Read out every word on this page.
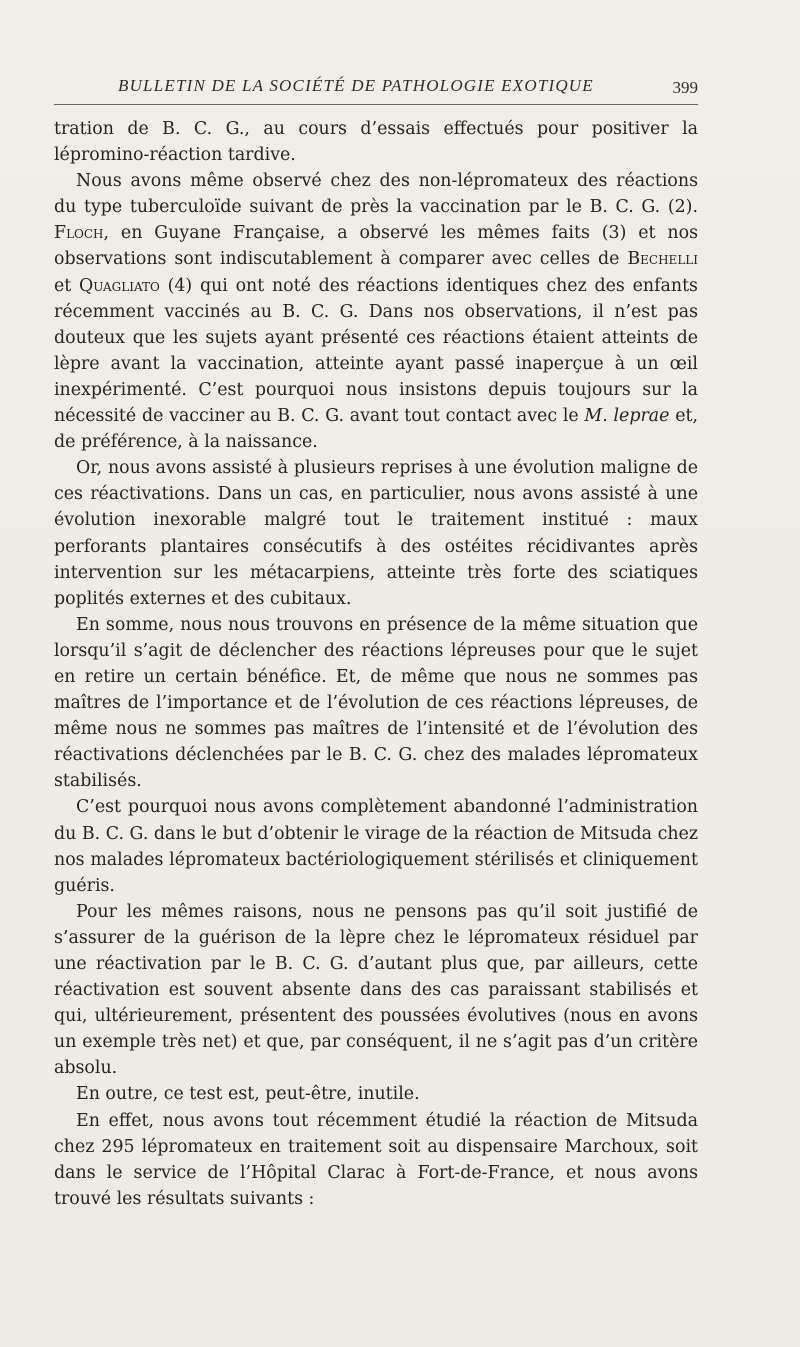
BULLETIN DE LA SOCIÉTÉ DE PATHOLOGIE EXOTIQUE	399

tration de B. C. G., au cours d’essais effectués pour positiver la lépromino-réaction tardive.

Nous avons même observé chez des non-lépromateux des réactions du type tuberculoïde suivant de près la vaccination par le B. C. G. (2). Floch, en Guyane Française, a observé les mêmes faits (3) et nos observations sont indiscutablement à comparer avec celles de Bechelli et Quagliato (4) qui ont noté des réactions identiques chez des enfants récemment vaccinés au B. C. G. Dans nos observations, il n’est pas douteux que les sujets ayant présenté ces réactions étaient atteints de lèpre avant la vaccination, atteinte ayant passé inaperçue à un œil inexpérimenté. C’est pourquoi nous insistons depuis toujours sur la nécessité de vacciner au B. C. G. avant tout contact avec le M. leprae et, de préférence, à la naissance.

Or, nous avons assisté à plusieurs reprises à une évolution maligne de ces réactivations. Dans un cas, en particulier, nous avons assisté à une évolution inexorable malgré tout le traitement institué : maux perforants plantaires consécutifs à des ostéites récidivantes après intervention sur les métacarpiens, atteinte très forte des sciatiques poplités externes et des cubitaux.

En somme, nous nous trouvons en présence de la même situation que lorsqu’il s’agit de déclencher des réactions lépreuses pour que le sujet en retire un certain bénéfice. Et, de même que nous ne sommes pas maîtres de l’importance et de l’évolution de ces réactions lépreuses, de même nous ne sommes pas maîtres de l’intensité et de l’évolution des réactivations déclenchées par le B. C. G. chez des malades lépromateux stabilisés.

C’est pourquoi nous avons complètement abandonné l’administration du B. C. G. dans le but d’obtenir le virage de la réaction de Mitsuda chez nos malades lépromateux bactériologiquement stérilisés et cliniquement guéris.

Pour les mêmes raisons, nous ne pensons pas qu’il soit justifié de s’assurer de la guérison de la lèpre chez le lépromateux résiduel par une réactivation par le B. C. G. d’autant plus que, par ailleurs, cette réactivation est souvent absente dans des cas paraissant stabilisés et qui, ultérieurement, présentent des poussées évolutives (nous en avons un exemple très net) et que, par conséquent, il ne s’agit pas d’un critère absolu.

En outre, ce test est, peut-être, inutile.

En effet, nous avons tout récemment étudié la réaction de Mitsuda chez 295 lépromateux en traitement soit au dispensaire Marchoux, soit dans le service de l’Hôpital Clarac à Fort-de-France, et nous avons trouvé les résultats suivants :
